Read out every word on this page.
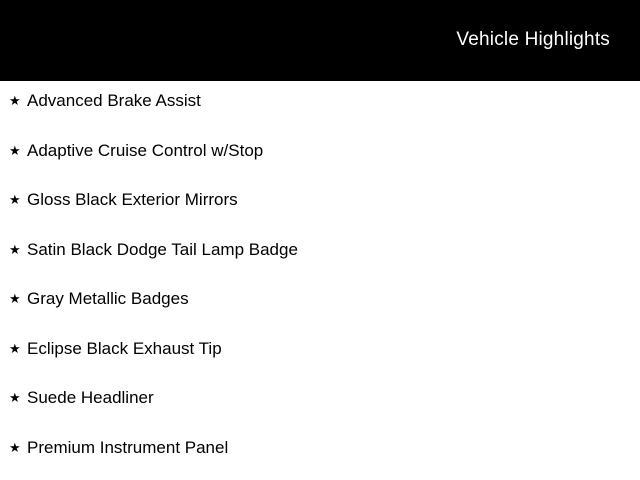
Vehicle Highlights
★ Advanced Brake Assist
★ Adaptive Cruise Control w/Stop
★ Gloss Black Exterior Mirrors
★ Satin Black Dodge Tail Lamp Badge
★ Gray Metallic Badges
★ Eclipse Black Exhaust Tip
★ Suede Headliner
★ Premium Instrument Panel
